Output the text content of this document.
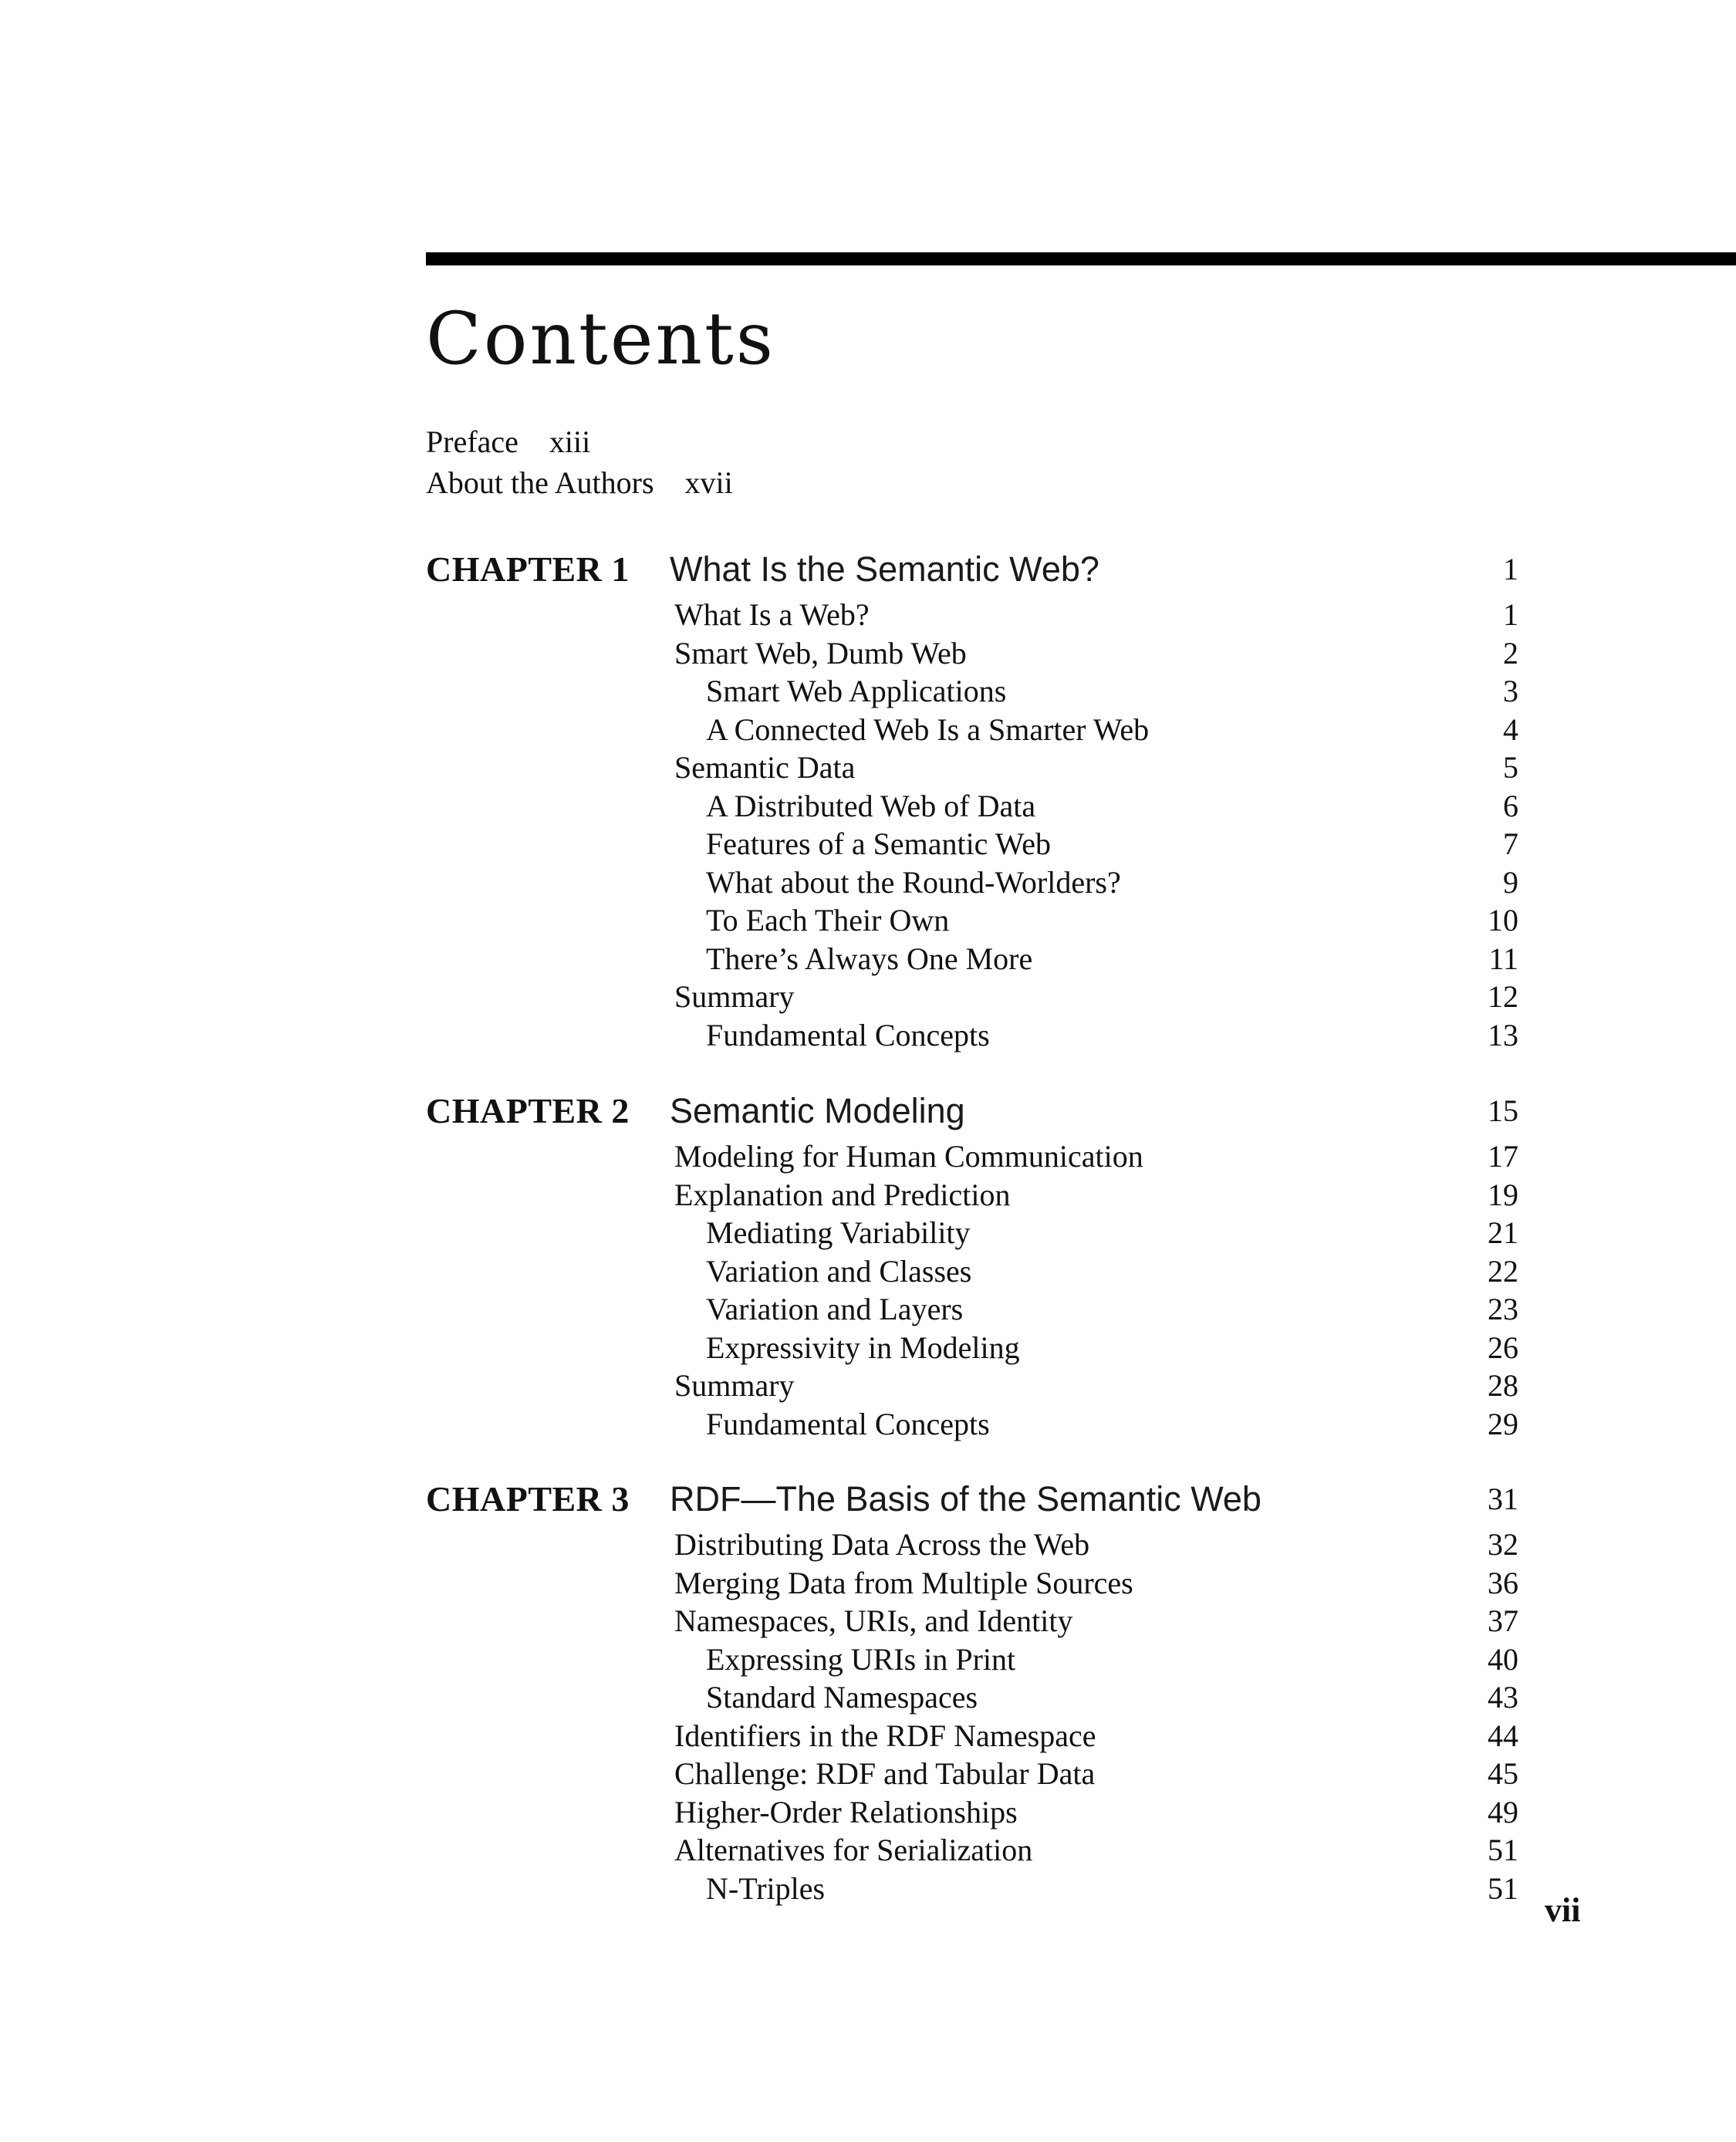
Contents
Preface xiii
About the Authors xvii
CHAPTER 1	What Is the Semantic Web?	1
What Is a Web?	1
Smart Web, Dumb Web	2
Smart Web Applications	3
A Connected Web Is a Smarter Web	4
Semantic Data	5
A Distributed Web of Data	6
Features of a Semantic Web	7
What about the Round-Worlders?	9
To Each Their Own	10
There’s Always One More	11
Summary	12
Fundamental Concepts	13
CHAPTER 2	Semantic Modeling	15
Modeling for Human Communication	17
Explanation and Prediction	19
Mediating Variability	21
Variation and Classes	22
Variation and Layers	23
Expressivity in Modeling	26
Summary	28
Fundamental Concepts	29
CHAPTER 3	RDF—The Basis of the Semantic Web	31
Distributing Data Across the Web	32
Merging Data from Multiple Sources	36
Namespaces, URIs, and Identity	37
Expressing URIs in Print	40
Standard Namespaces	43
Identifiers in the RDF Namespace	44
Challenge: RDF and Tabular Data	45
Higher-Order Relationships	49
Alternatives for Serialization	51
N-Triples	51
vii
